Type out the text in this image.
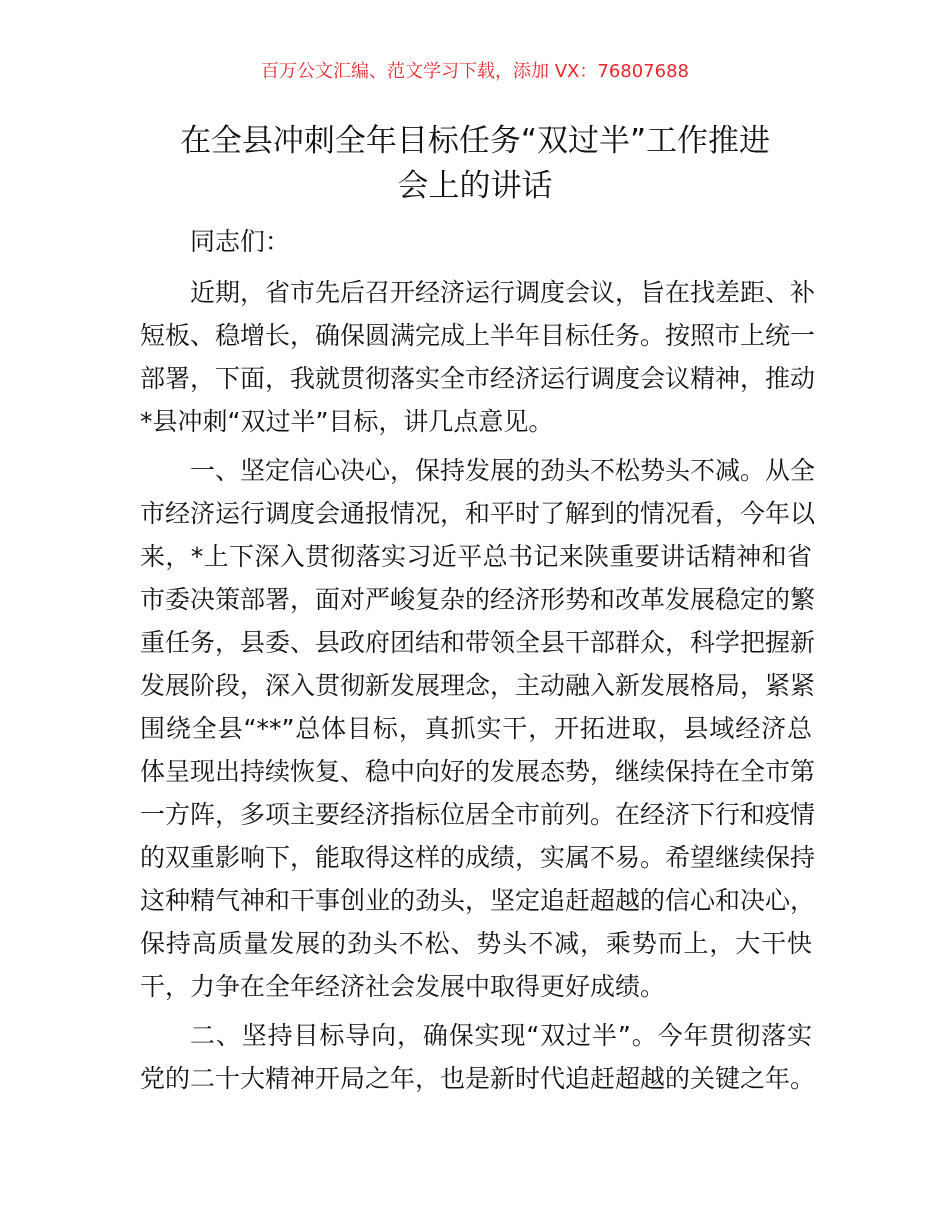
百万公文汇编、范文学习下载，添加 VX：76807688
在全县冲刺全年目标任务“双过半”工作推进
会上的讲话
同志们：
近期，省市先后召开经济运行调度会议，旨在找差距、补
短板、稳增长，确保圆满完成上半年目标任务。按照市上统一
部署，下面，我就贯彻落实全市经济运行调度会议精神，推动
*县冲刺“双过半”目标，讲几点意见。
一、坚定信心决心，保持发展的劲头不松势头不减。从全
市经济运行调度会通报情况，和平时了解到的情况看，今年以
来，*上下深入贯彻落实习近平总书记来陕重要讲话精神和省
市委决策部署，面对严峻复杂的经济形势和改革发展稳定的繁
重任务，县委、县政府团结和带领全县干部群众，科学把握新
发展阶段，深入贯彻新发展理念，主动融入新发展格局，紧紧
围绕全县“**”总体目标，真抓实干，开拓进取，县域经济总
体呈现出持续恢复、稳中向好的发展态势，继续保持在全市第
一方阵，多项主要经济指标位居全市前列。在经济下行和疫情
的双重影响下，能取得这样的成绩，实属不易。希望继续保持
这种精气神和干事创业的劲头，坚定追赶超越的信心和决心，
保持高质量发展的劲头不松、势头不减，乘势而上，大干快
干，力争在全年经济社会发展中取得更好成绩。
二、坚持目标导向，确保实现“双过半”。今年贯彻落实
党的二十大精神开局之年，也是新时代追赶超越的关键之年。
